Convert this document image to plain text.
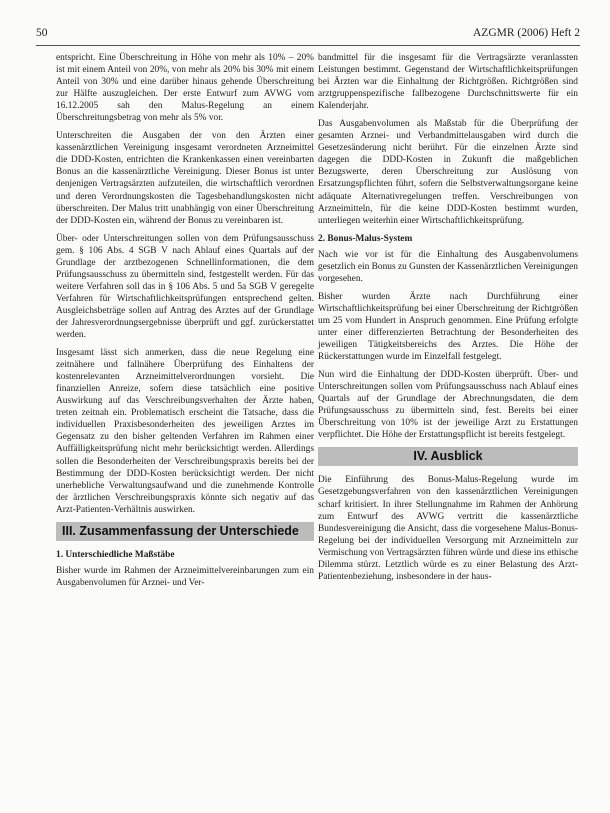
50	AZGMR (2006) Heft 2

entspricht. Eine Überschreitung in Höhe von mehr als 10% – 20% ist mit einem Anteil von 20%, von mehr als 20% bis 30% mit einem Anteil von 30% und eine darüber hinaus gehende Überschreitung zur Hälfte auszugleichen. Der erste Entwurf zum AVWG vom 16.12.2005 sah den Malus-Regelung an einem Überschreitungsbetrag von mehr als 5% vor.

Unterschreiten die Ausgaben der von den Ärzten einer kassenärztlichen Vereinigung insgesamt verordneten Arzneimittel die DDD-Kosten, entrichten die Krankenkassen einen vereinbarten Bonus an die kassenärztliche Vereinigung. Dieser Bonus ist unter denjenigen Vertragsärzten aufzuteilen, die wirtschaftlich verordnen und deren Verordnungskosten die Tagesbehandlungskosten nicht überschreiten. Der Malus tritt unabhängig von einer Überschreitung der DDD-Kosten ein, während der Bonus zu vereinbaren ist.

Über- oder Unterschreitungen sollen von dem Prüfungsausschuss gem. § 106 Abs. 4 SGB V nach Ablauf eines Quartals auf der Grundlage der arztbezogenen Schnellinformationen, die dem Prüfungsausschuss zu übermitteln sind, festgestellt werden. Für das weitere Verfahren soll das in § 106 Abs. 5 und 5a SGB V geregelte Verfahren für Wirtschaftlichkeitsprüfungen entsprechend gelten. Ausgleichsbeträge sollen auf Antrag des Arztes auf der Grundlage der Jahresverordnungsergebnisse überprüft und ggf. zurückerstattet werden.

Insgesamt lässt sich anmerken, dass die neue Regelung eine zeitnähere und fallnähere Überprüfung des Einhaltens der kostenrelevanten Arzneimittelverordnungen vorsieht. Die finanziellen Anreize, sofern diese tatsächlich eine positive Auswirkung auf das Verschreibungsverhalten der Ärzte haben, treten zeitnah ein. Problematisch erscheint die Tatsache, dass die individuellen Praxisbesonderheiten des jeweiligen Arztes im Gegensatz zu den bisher geltenden Verfahren im Rahmen einer Auffälligkeitsprüfung nicht mehr berücksichtigt werden. Allerdings sollen die Besonderheiten der Verschreibungspraxis bereits bei der Bestimmung der DDD-Kosten berücksichtigt werden. Der nicht unerhebliche Verwaltungsaufwand und die zunehmende Kontrolle der ärztlichen Verschreibungspraxis könnte sich negativ auf das Arzt-Patienten-Verhältnis auswirken.

III. Zusammenfassung der Unterschiede
1. Unterschiedliche Maßstäbe

Bisher wurde im Rahmen der Arzneimittelvereinbarungen zum ein Ausgabenvolumen für Arznei- und Ver-

bandmittel für die insgesamt für die Vertragsärzte veranlassten Leistungen bestimmt. Gegenstand der Wirtschaftlichkeitsprüfungen bei Ärzten war die Einhaltung der Richtgrößen. Richtgrößen sind arztgruppenspezifische fallbezogene Durchschnittswerte für ein Kalenderjahr.

Das Ausgabenvolumen als Maßstab für die Überprüfung der gesamten Arznei- und Verbandmittelausgaben wird durch die Gesetzesänderung nicht berührt. Für die einzelnen Ärzte sind dagegen die DDD-Kosten in Zukunft die maßgeblichen Bezugswerte, deren Überschreitung zur Auslösung von Ersatzungspflichten führt, sofern die Selbstverwaltungsorgane keine adäquate Alternativregelungen treffen. Verschreibungen von Arzneimitteln, für die keine DDD-Kosten bestimmt wurden, unterliegen weiterhin einer Wirtschaftlichkeitsprüfung.

2. Bonus-Malus-System

Nach wie vor ist für die Einhaltung des Ausgabenvolumens gesetzlich ein Bonus zu Gunsten der Kassenärztlichen Vereinigungen vorgesehen.

Bisher wurden Ärzte nach Durchführung einer Wirtschaftlichkeitsprüfung bei einer Überschreitung der Richtgrößen um 25 vom Hundert in Anspruch genommen. Eine Prüfung erfolgte unter einer differenzierten Betrachtung der Besonderheiten des jeweiligen Tätigkeitsbereichs des Arztes. Die Höhe der Rückerstattungen wurde im Einzelfall festgelegt.

Nun wird die Einhaltung der DDD-Kosten überprüft. Über- und Unterschreitungen sollen vom Prüfungsausschuss nach Ablauf eines Quartals auf der Grundlage der Abrechnungsdaten, die dem Prüfungsausschuss zu übermitteln sind, fest. Bereits bei einer Überschreitung von 10% ist der jeweilige Arzt zu Erstattungen verpflichtet. Die Höhe der Erstattungspflicht ist bereits festgelegt.

IV. Ausblick

Die Einführung des Bonus-Malus-Regelung wurde im Gesetzgebungsverfahren von den kassenärztlichen Vereinigungen scharf kritisiert. In ihrer Stellungnahme im Rahmen der Anhörung zum Entwurf des AVWG vertritt die kassenärztliche Bundesvereinigung die Ansicht, dass die vorgesehene Malus-Bonus-Regelung bei der individuellen Versorgung mit Arzneimitteln zur Vermischung von Vertragsärzten führen würde und diese ins ethische Dilemma stürzt. Letztlich würde es zu einer Belastung des Arzt-Patientenbeziehung, insbesondere in der haus-
